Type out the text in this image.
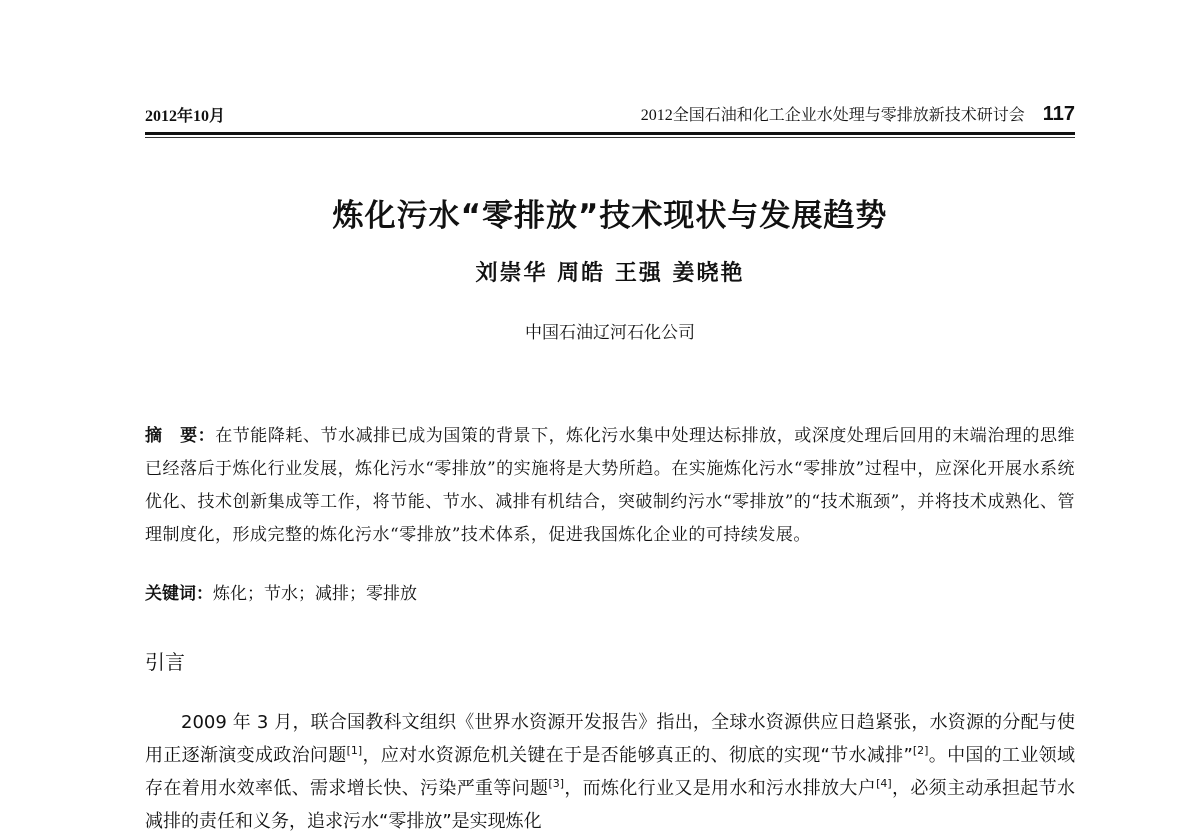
2012年10月	2012全国石油和化工企业水处理与零排放新技术研讨会 117
炼化污水“零排放”技术现状与发展趋势
刘崇华 周皓 王强 姜晓艳
中国石油辽河石化公司
摘　要：在节能降耗、节水减排已成为国策的背景下，炼化污水集中处理达标排放，或深度处理后回用的末端治理的思维已经落后于炼化行业发展，炼化污水“零排放”的实施将是大势所趋。在实施炼化污水“零排放”过程中，应深化开展水系统优化、技术创新集成等工作，将节能、节水、减排有机结合，突破制约污水“零排放”的“技术瓶颈”，并将技术成熟化、管理制度化，形成完整的炼化污水“零排放”技术体系，促进我国炼化企业的可持续发展。
关键词：炼化；节水；减排；零排放
引言
2009 年 3 月，联合国教科文组织《世界水资源开发报告》指出，全球水资源供应日趋紧张，水资源的分配与使用正逐渐演变成政治问题[1]，应对水资源危机关键在于是否能够真正的、彻底的实现“节水减排”[2]。中国的工业领域存在着用水效率低、需求增长快、污染严重等问题[3]，而炼化行业又是用水和污水排放大户[4]，必须主动承担起节水减排的责任和义务，追求污水“零排放”是实现炼化
